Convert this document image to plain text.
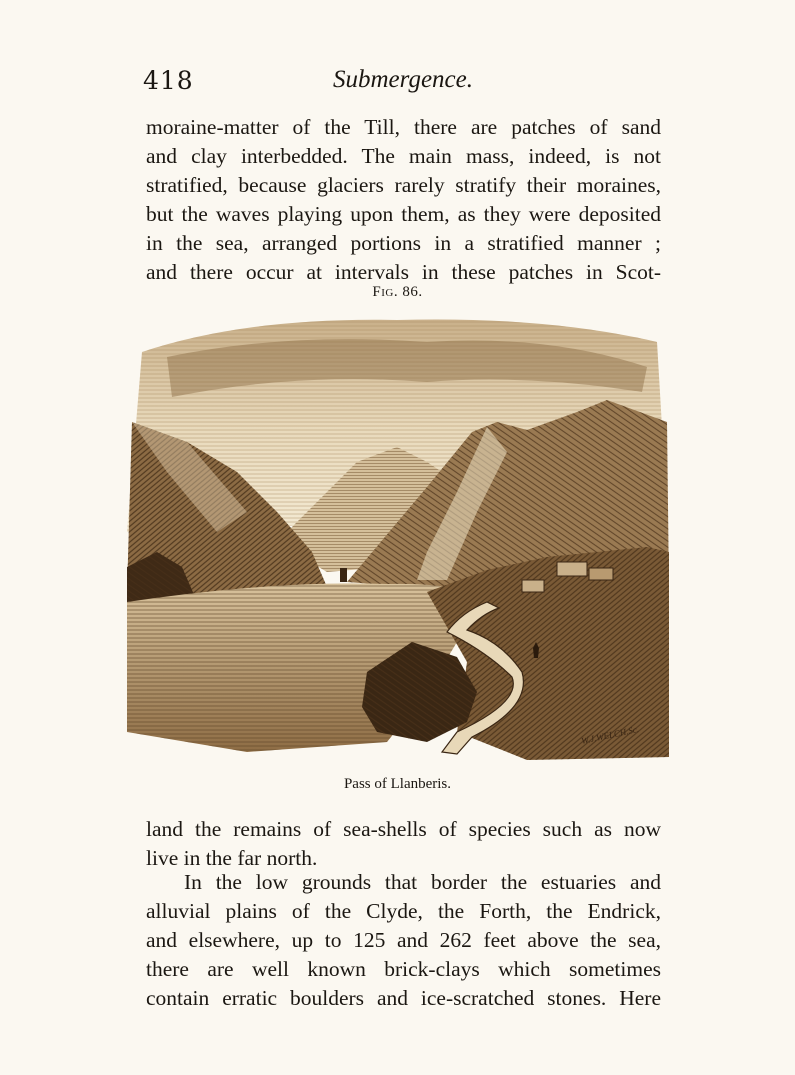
418	Submergence.
moraine-matter of the Till, there are patches of sand
and clay interbedded. The main mass, indeed, is not
stratified, because glaciers rarely stratify their moraines,
but the waves playing upon them, as they were deposited
in the sea, arranged portions in a stratified manner ;
and there occur at intervals in these patches in Scot-
Fig. 86.
W.J.WELCH.Sc.
Pass of Llanberis.
land the remains of sea-shells of species such as now
live in the far north.
In the low grounds that border the estuaries and
alluvial plains of the Clyde, the Forth, the Endrick,
and elsewhere, up to 125 and 262 feet above the sea,
there are well known brick-clays which sometimes
contain erratic boulders and ice-scratched stones. Here
